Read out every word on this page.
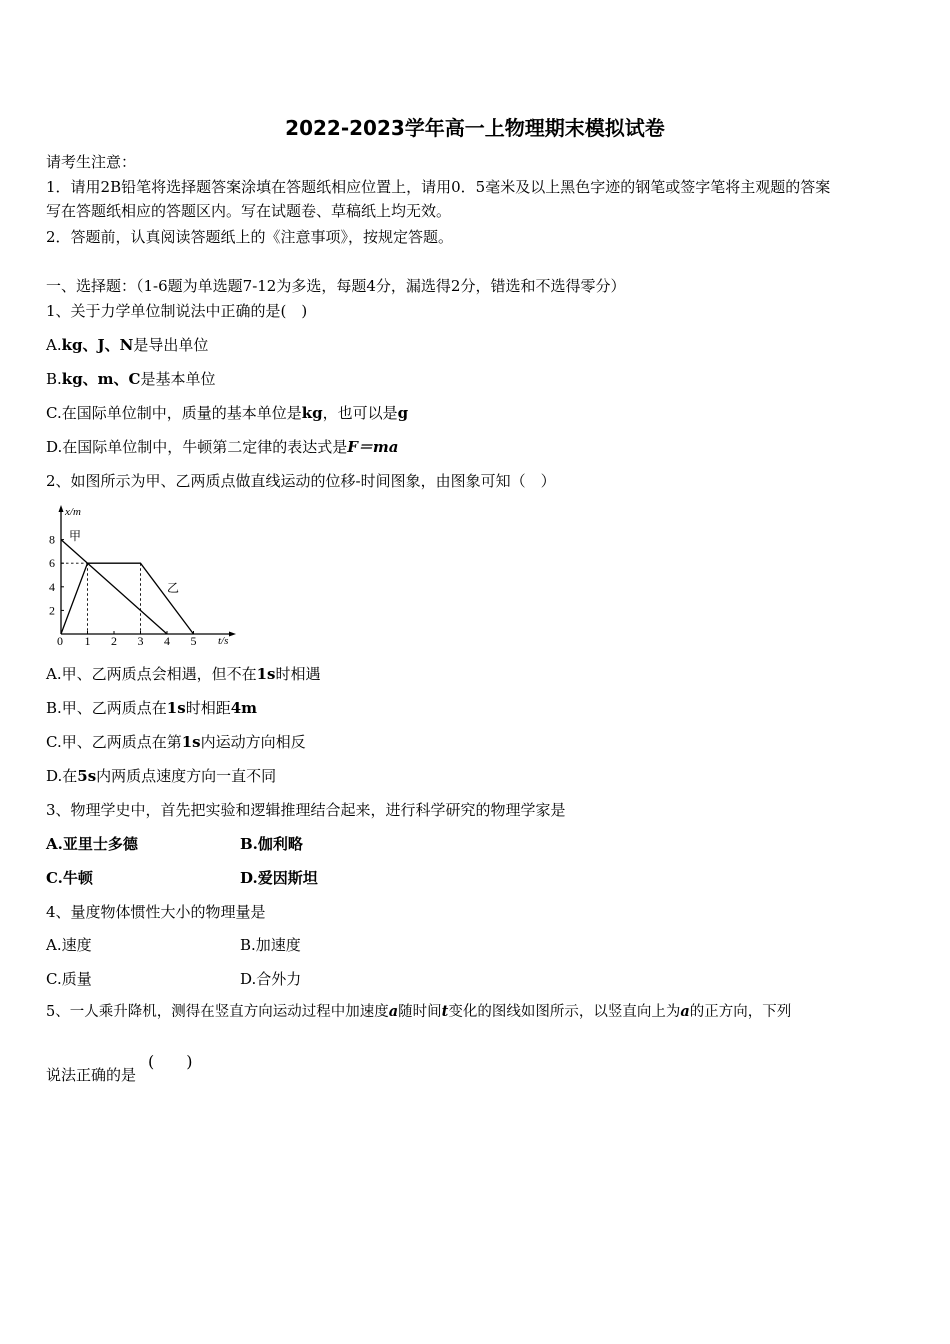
2022-2023学年高一上物理期末模拟试卷
请考生注意：
1．请用2B铅笔将选择题答案涂填在答题纸相应位置上，请用0．5毫米及以上黑色字迹的钢笔或签字笔将主观题的答案
写在答题纸相应的答题区内。写在试题卷、草稿纸上均无效。
2．答题前，认真阅读答题纸上的《注意事项》，按规定答题。
一、选择题：（1-6题为单选题7-12为多选，每题4分，漏选得2分，错选和不选得零分）
1、关于力学单位制说法中正确的是(　)
A.kg、J、N是导出单位
B.kg、m、C是基本单位
C.在国际单位制中，质量的基本单位是kg，也可以是g
D.在国际单位制中，牛顿第二定律的表达式是F＝ma
2、如图所示为甲、乙两质点做直线运动的位移-时间图象，由图象可知（　）
x/m
t/s
8
6
4
2
0 1 2 3 4 5
甲
乙
A.甲、乙两质点会相遇，但不在1s时相遇
B.甲、乙两质点在1s时相距4m
C.甲、乙两质点在第1s内运动方向相反
D.在5s内两质点速度方向一直不同
3、物理学史中，首先把实验和逻辑推理结合起来，进行科学研究的物理学家是
A.亚里士多德	B.伽利略
C.牛顿	D.爱因斯坦
4、量度物体惯性大小的物理量是
A.速度	B.加速度
C.质量	D.合外力
5、一人乘升降机，测得在竖直方向运动过程中加速度a随时间t变化的图线如图所示，以竖直向上为a的正方向，下列
说法正确的是
(　　)
